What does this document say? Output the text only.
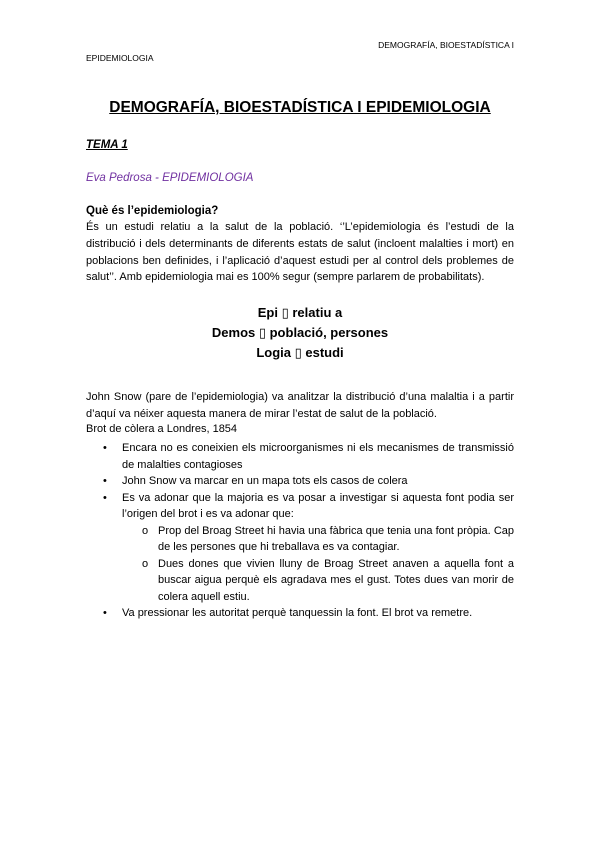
DEMOGRAFÍA, BIOESTADÍSTICA I
EPIDEMIOLOGIA
DEMOGRAFÍA, BIOESTADÍSTICA I EPIDEMIOLOGIA
TEMA 1
Eva Pedrosa - EPIDEMIOLOGIA
Què és l’epidemiologia?
És un estudi relatiu a la salut de la població. ‘’L’epidemiologia és l’estudi de la distribució i dels determinants de diferents estats de salut (incloent malalties i mort) en poblacions ben definides, i l’aplicació d’aquest estudi per al control dels problemes de salut’’. Amb epidemiologia mai es 100% segur (sempre parlarem de probabilitats).
Epi ▯ relatiu a
Demos ▯ població, persones
Logia ▯ estudi
John Snow (pare de l’epidemiologia) va analitzar la distribució d’una malaltia i a partir d’aquí va néixer aquesta manera de mirar l’estat de salut de la població.
Brot de còlera a Londres, 1854
• Encara no es coneixien els microorganismes ni els mecanismes de transmissió de malalties contagioses
• John Snow va marcar en un mapa tots els casos de colera
• Es va adonar que la majoria es va posar a investigar si aquesta font podia ser l’origen del brot i es va adonar que:
o Prop del Broag Street hi havia una fàbrica que tenia una font pròpia. Cap de les persones que hi treballava es va contagiar.
o Dues dones que vivien lluny de Broag Street anaven a aquella font a buscar aigua perquè els agradava mes el gust. Totes dues van morir de colera aquell estiu.
• Va pressionar les autoritat perquè tanquessin la font. El brot va remetre.
